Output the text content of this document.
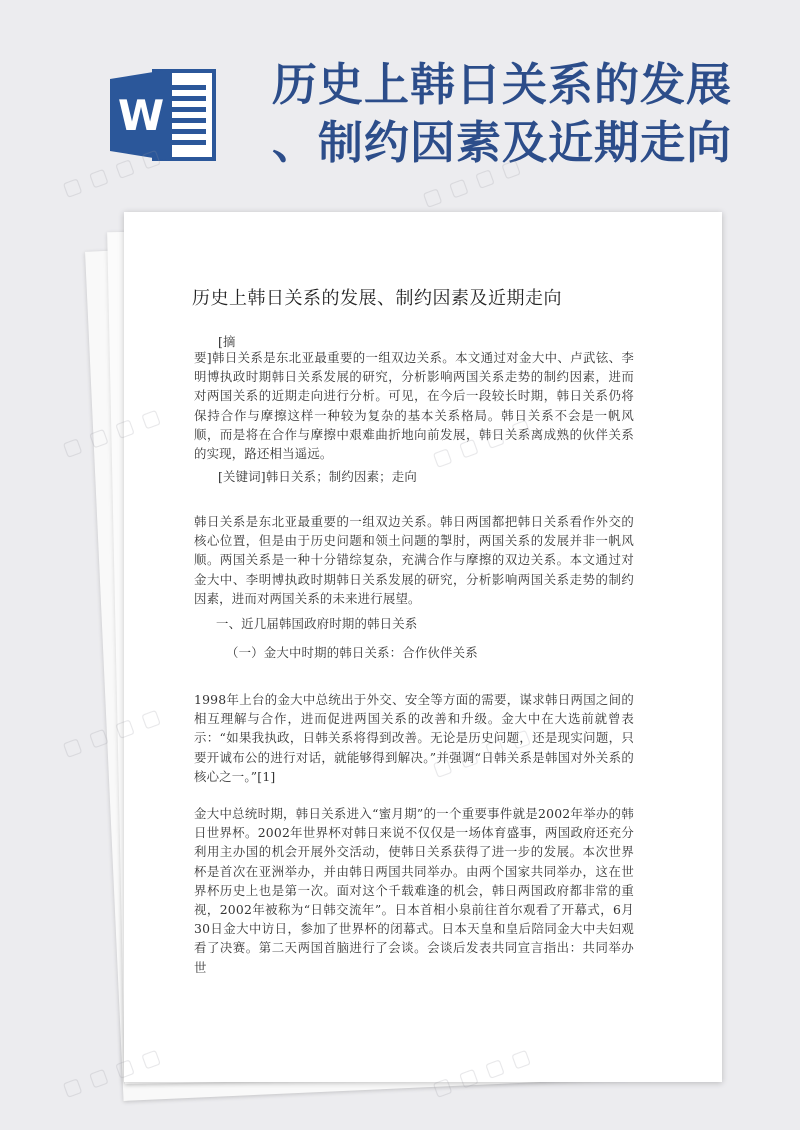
W
历史上韩日关系的发展
、制约因素及近期走向
历史上韩日关系的发展、制约因素及近期走向
[摘
要]韩日关系是东北亚最重要的一组双边关系。本文通过对金大中、卢武铉、李明博执政时期韩日关系发展的研究，分析影响两国关系走势的制约因素，进而对两国关系的近期走向进行分析。可见，在今后一段较长时期，韩日关系仍将保持合作与摩擦这样一种较为复杂的基本关系格局。韩日关系不会是一帆风顺，而是将在合作与摩擦中艰难曲折地向前发展，韩日关系离成熟的伙伴关系的实现，路还相当遥远。
[关键词]韩日关系；制约因素；走向
韩日关系是东北亚最重要的一组双边关系。韩日两国都把韩日关系看作外交的核心位置，但是由于历史问题和领土问题的掣肘，两国关系的发展并非一帆风顺。两国关系是一种十分错综复杂，充满合作与摩擦的双边关系。本文通过对金大中、李明博执政时期韩日关系发展的研究，分析影响两国关系走势的制约因素，进而对两国关系的未来进行展望。
一、近几届韩国政府时期的韩日关系
（一）金大中时期的韩日关系：合作伙伴关系
1998年上台的金大中总统出于外交、安全等方面的需要，谋求韩日两国之间的相互理解与合作，进而促进两国关系的改善和升级。金大中在大选前就曾表示：“如果我执政，日韩关系将得到改善。无论是历史问题，还是现实问题，只要开诚布公的进行对话，就能够得到解决。”并强调“日韩关系是韩国对外关系的核心之一。”[1]
金大中总统时期，韩日关系进入“蜜月期”的一个重要事件就是2002年举办的韩日世界杯。2002年世界杯对韩日来说不仅仅是一场体育盛事，两国政府还充分利用主办国的机会开展外交活动，使韩日关系获得了进一步的发展。本次世界杯是首次在亚洲举办，并由韩日两国共同举办。由两个国家共同举办，这在世界杯历史上也是第一次。面对这个千载难逢的机会，韩日两国政府都非常的重视，2002年被称为“日韩交流年”。日本首相小泉前往首尔观看了开幕式，6月30日金大中访日，参加了世界杯的闭幕式。日本天皇和皇后陪同金大中夫妇观看了决赛。第二天两国首脑进行了会谈。会谈后发表共同宣言指出：共同举办世
▢ ▢ ▢ ▢	▢ ▢ ▢ ▢
▢ ▢ ▢ ▢	▢ ▢ ▢ ▢
▢ ▢ ▢ ▢	▢ ▢ ▢ ▢
▢ ▢ ▢ ▢	▢ ▢ ▢ ▢
